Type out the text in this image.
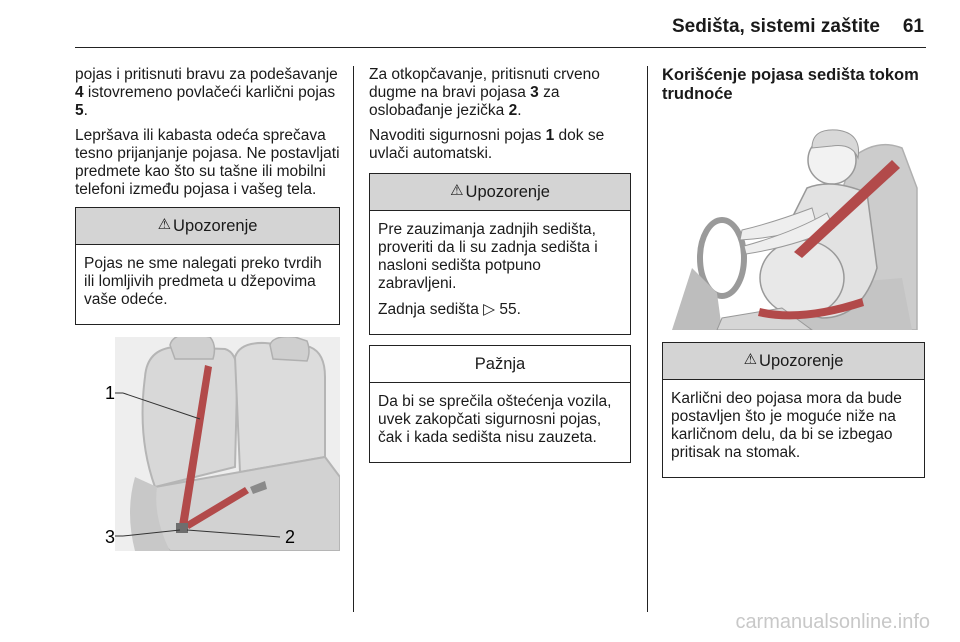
Sedišta, sistemi zaštite 61

pojas i pritisnuti bravu za podešavanje 4 istovremeno povlačeći karlični pojas 5.

Lepršava ili kabasta odeća sprečava tesno prijanjanje pojasa. Ne postavljati predmete kao što su tašne ili mobilni telefoni između pojasa i vašeg tela.

⚠ Upozorenje

Pojas ne sme nalegati preko tvrdih ili lomljivih predmeta u džepovima vaše odeće.

1
3	2

Za otkopčavanje, pritisnuti crveno dugme na bravi pojasa 3 za oslobađanje jezička 2.

Navoditi sigurnosni pojas 1 dok se uvlači automatski.

⚠ Upozorenje

Pre zauzimanja zadnjih sedišta, proveriti da li su zadnja sedišta i nasloni sedišta potpuno zabravljeni.

Zadnja sedišta ▷ 55.

Pažnja

Da bi se sprečila oštećenja vozila, uvek zakopčati sigurnosni pojas, čak i kada sedišta nisu zauzeta.

Korišćenje pojasa sedišta tokom trudnoće
⚠ Upozorenje

Karlični deo pojasa mora da bude postavljen što je moguće niže na karličnom delu, da bi se izbegao pritisak na stomak.

carmanualsonline.info
